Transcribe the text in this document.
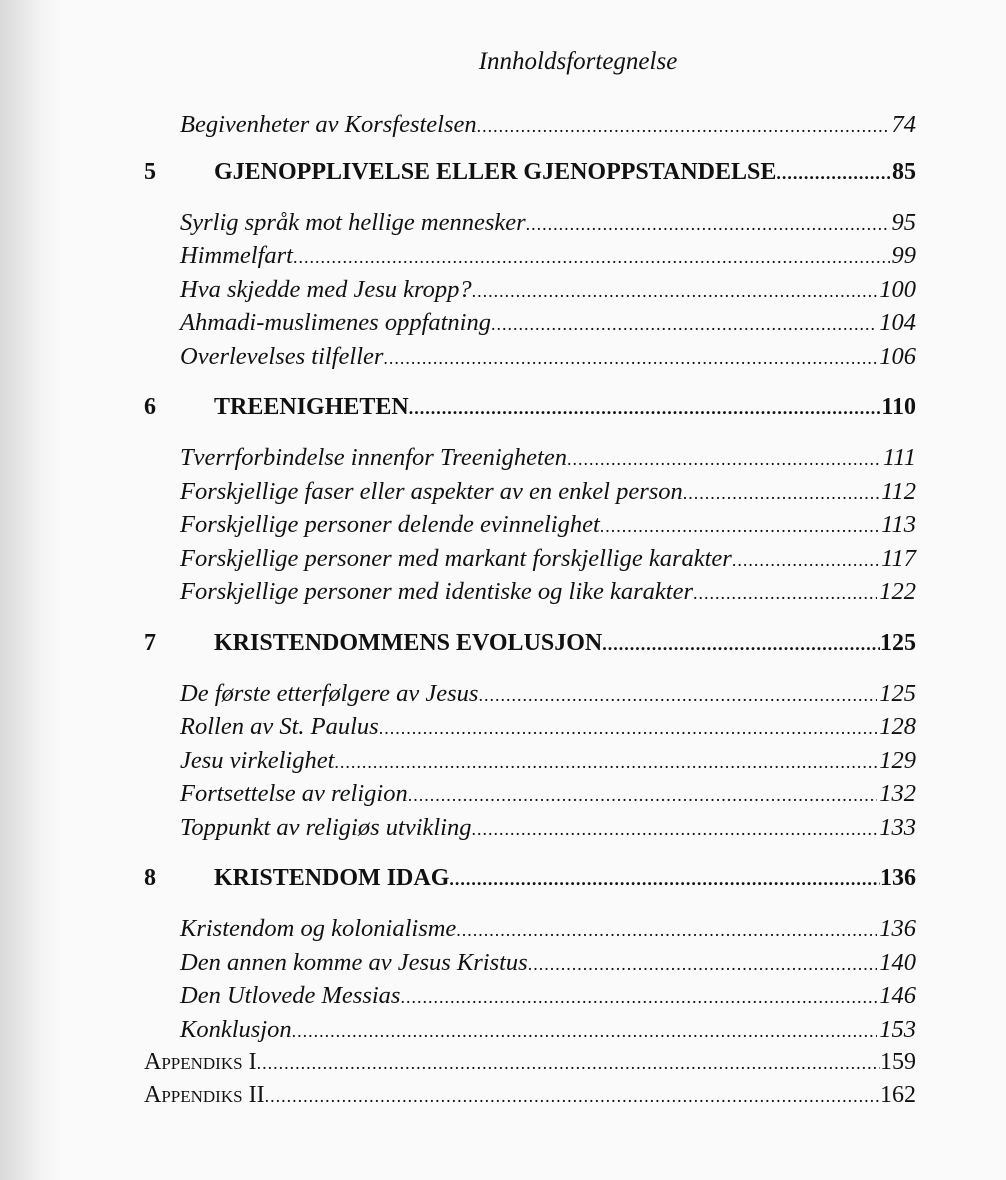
Innholdsfortegnelse
Begivenheter av Korsfestelsen .....	74
5	GJENOPPLIVELSE ELLER GJENOPPSTANDELSE .....	85
Syrlig språk mot hellige mennesker .....	95
Himmelfart .....	99
Hva skjedde med Jesu kropp? .....	100
Ahmadi-muslimenes oppfatning .....	104
Overlevelses tilfeller .....	106
6	TREENIGHETEN .....	110
Tverrforbindelse innenfor Treenigheten .....	111
Forskjellige faser eller aspekter av en enkel person .....	112
Forskjellige personer delende evinnelighet .....	113
Forskjellige personer med markant forskjellige karakter .....	117
Forskjellige personer med identiske og like karakter .....	122
7	KRISTENDOMMENS EVOLUSJON .....	125
De første etterfølgere av Jesus .....	125
Rollen av St. Paulus .....	128
Jesu virkelighet .....	129
Fortsettelse av religion .....	132
Toppunkt av religiøs utvikling .....	133
8	KRISTENDOM IDAG .....	136
Kristendom og kolonialisme .....	136
Den annen komme av Jesus Kristus .....	140
Den Utlovede Messias .....	146
Konklusjon .....	153
Appendiks I .....	159
Appendiks II .....	162
